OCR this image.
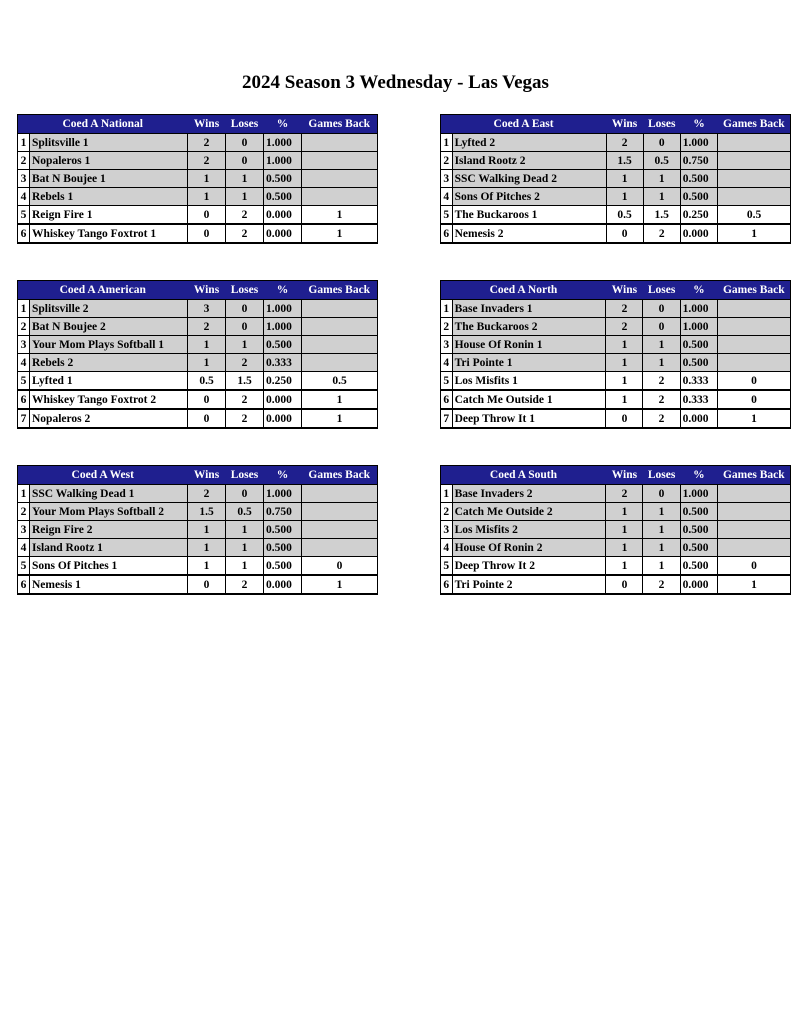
2024 Season 3 Wednesday - Las Vegas
Coed A National		Wins	Loses	%	Games Back
1	Splitsville 1	2	0	1.000	
2	Nopaleros 1	2	0	1.000	
3	Bat N Boujee 1	1	1	0.500	
4	Rebels 1	1	1	0.500	
5	Reign Fire 1	0	2	0.000	1
6	Whiskey Tango Foxtrot 1	0	2	0.000	1
Coed A East		Wins	Loses	%	Games Back
1	Lyfted 2	2	0	1.000	
2	Island Rootz 2	1.5	0.5	0.750	
3	SSC Walking Dead 2	1	1	0.500	
4	Sons Of Pitches 2	1	1	0.500	
5	The Buckaroos 1	0.5	1.5	0.250	0.5
6	Nemesis 2	0	2	0.000	1
Coed A American		Wins	Loses	%	Games Back
1	Splitsville 2	3	0	1.000	
2	Bat N Boujee 2	2	0	1.000	
3	Your Mom Plays Softball 1	1	1	0.500	
4	Rebels 2	1	2	0.333	
5	Lyfted 1	0.5	1.5	0.250	0.5
6	Whiskey Tango Foxtrot 2	0	2	0.000	1
7	Nopaleros 2	0	2	0.000	1
Coed A North		Wins	Loses	%	Games Back
1	Base Invaders 1	2	0	1.000	
2	The Buckaroos 2	2	0	1.000	
3	House Of Ronin 1	1	1	0.500	
4	Tri Pointe 1	1	1	0.500	
5	Los Misfits 1	1	2	0.333	0
6	Catch Me Outside 1	1	2	0.333	0
7	Deep Throw It 1	0	2	0.000	1
Coed A West		Wins	Loses	%	Games Back
1	SSC Walking Dead 1	2	0	1.000	
2	Your Mom Plays Softball 2	1.5	0.5	0.750	
3	Reign Fire 2	1	1	0.500	
4	Island Rootz 1	1	1	0.500	
5	Sons Of Pitches 1	1	1	0.500	0
6	Nemesis 1	0	2	0.000	1
Coed A South		Wins	Loses	%	Games Back
1	Base Invaders 2	2	0	1.000	
2	Catch Me Outside 2	1	1	0.500	
3	Los Misfits 2	1	1	0.500	
4	House Of Ronin 2	1	1	0.500	
5	Deep Throw It 2	1	1	0.500	0
6	Tri Pointe 2	0	2	0.000	1
